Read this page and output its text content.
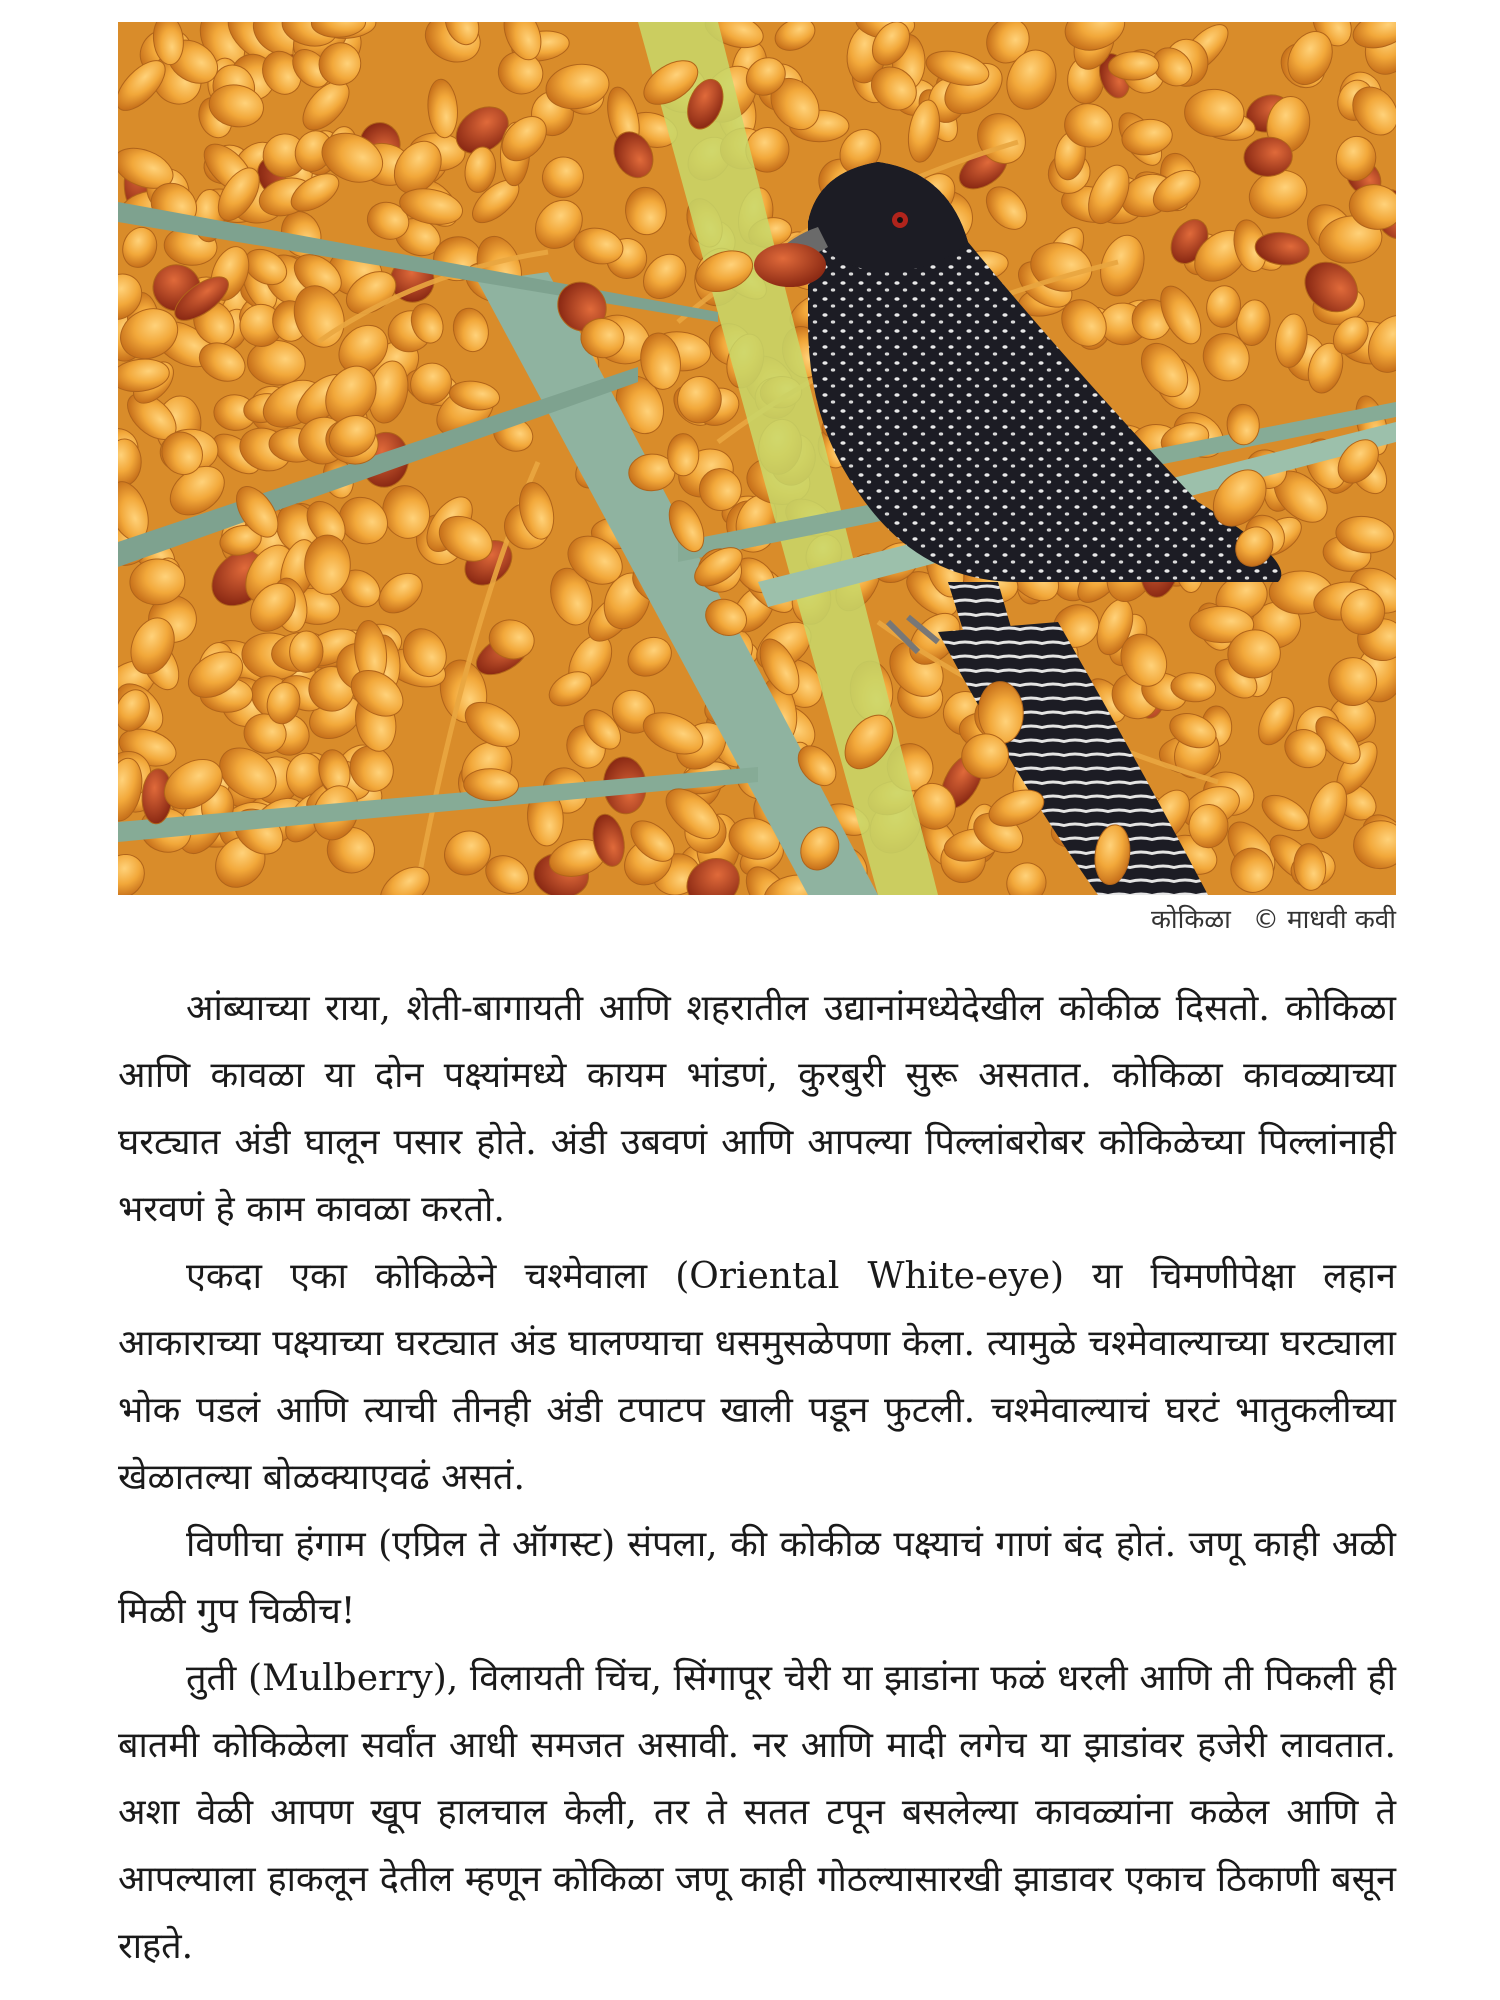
कोकिळा © माधवी कवी

आंब्याच्या राया, शेती-बागायती आणि शहरातील उद्यानांमध्येदेखील कोकीळ दिसतो. कोकिळा आणि कावळा या दोन पक्ष्यांमध्ये कायम भांडणं, कुरबुरी सुरू असतात. कोकिळा कावळ्याच्या घरट्यात अंडी घालून पसार होते. अंडी उबवणं आणि आपल्या पिल्लांबरोबर कोकिळेच्या पिल्लांनाही भरवणं हे काम कावळा करतो.

एकदा एका कोकिळेने चश्मेवाला (Oriental White-eye) या चिमणीपेक्षा लहान आकाराच्या पक्ष्याच्या घरट्यात अंड घालण्याचा धसमुसळेपणा केला. त्यामुळे चश्मेवाल्याच्या घरट्याला भोक पडलं आणि त्याची तीनही अंडी टपाटप खाली पडून फुटली. चश्मेवाल्याचं घरटं भातुकलीच्या खेळातल्या बोळक्याएवढं असतं.

विणीचा हंगाम (एप्रिल ते ऑगस्ट) संपला, की कोकीळ पक्ष्याचं गाणं बंद होतं. जणू काही अळी मिळी गुप चिळीच!

तुती (Mulberry), विलायती चिंच, सिंगापूर चेरी या झाडांना फळं धरली आणि ती पिकली ही बातमी कोकिळेला सर्वांत आधी समजत असावी. नर आणि मादी लगेच या झाडांवर हजेरी लावतात. अशा वेळी आपण खूप हालचाल केली, तर ते सतत टपून बसलेल्या कावळ्यांना कळेल आणि ते आपल्याला हाकलून देतील म्हणून कोकिळा जणू काही गोठल्यासारखी झाडावर एकाच ठिकाणी बसून राहते.
